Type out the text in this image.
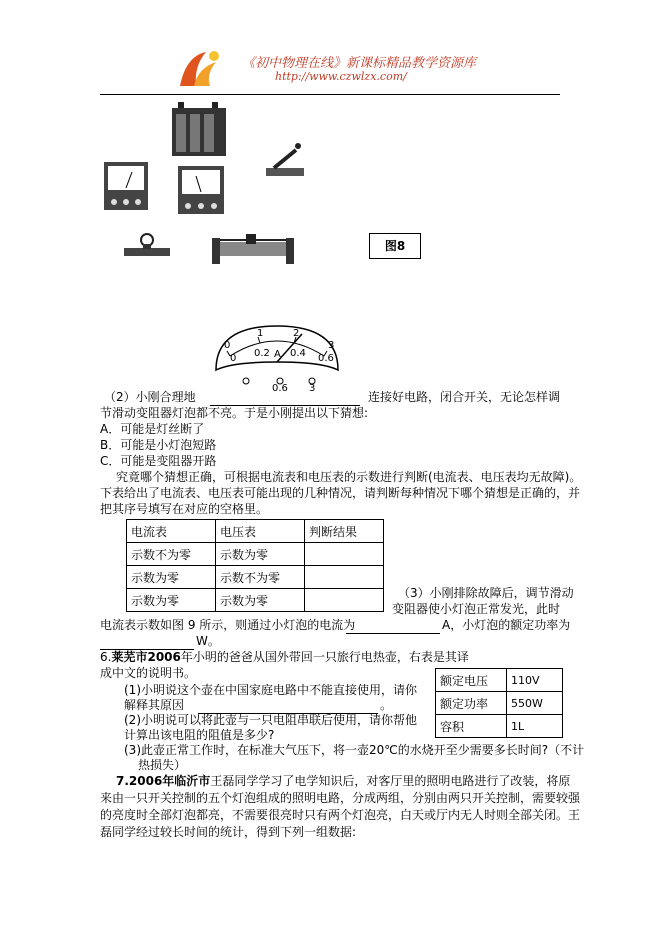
《初中物理在线》新课标精品教学资源库
http://www.czwlzx.com/
图8
0
1	2
3
0 0.2 A 0.4 0.6
0.6 3
（2）小刚合理地	连接好电路，闭合开关，无论怎样调
节滑动变阻器灯泡都不亮。于是小刚提出以下猜想:
A．可能是灯丝断了
B．可能是小灯泡短路
C．可能是变阻器开路
究竟哪个猜想正确，可根据电流表和电压表的示数进行判断(电流表、电压表均无故障)。
下表给出了电流表、电压表可能出现的几种情况，请判断每种情况下哪个猜想是正确的，并
把其序号填写在对应的空格里。
电流表	电压表	判断结果
示数不为零	示数为零	
示数为零	示数不为零	
示数为零	示数为零	
（3）小刚排除故障后，调节滑动
变阻器使小灯泡正常发光，此时
电流表示数如图 9 所示，则通过小灯泡的电流为	A，小灯泡的额定功率为
W。
6.莱芜市2006年小明的爸爸从国外带回一只旅行电热壶，右表是其译
成中文的说明书。
(1)小明说这个壶在中国家庭电路中不能直接使用，请你
解释其原因	。
(2)小明说可以将此壶与一只电阻串联后使用，请你帮他
计算出该电阻的阻值是多少?
(3)此壶正常工作时，在标准大气压下，将一壶20℃的水烧开至少需要多长时间?（不计
热损失）
额定电压	110V
额定功率	550W
容积	1L
7.2006年临沂市王磊同学学习了电学知识后，对客厅里的照明电路进行了改装，将原
来由一只开关控制的五个灯泡组成的照明电路，分成两组，分别由两只开关控制，需要较强
的亮度时全部灯泡都亮，不需要很亮时只有两个灯泡亮，白天或厅内无人时则全部关闭。王
磊同学经过较长时间的统计，得到下列一组数据:
